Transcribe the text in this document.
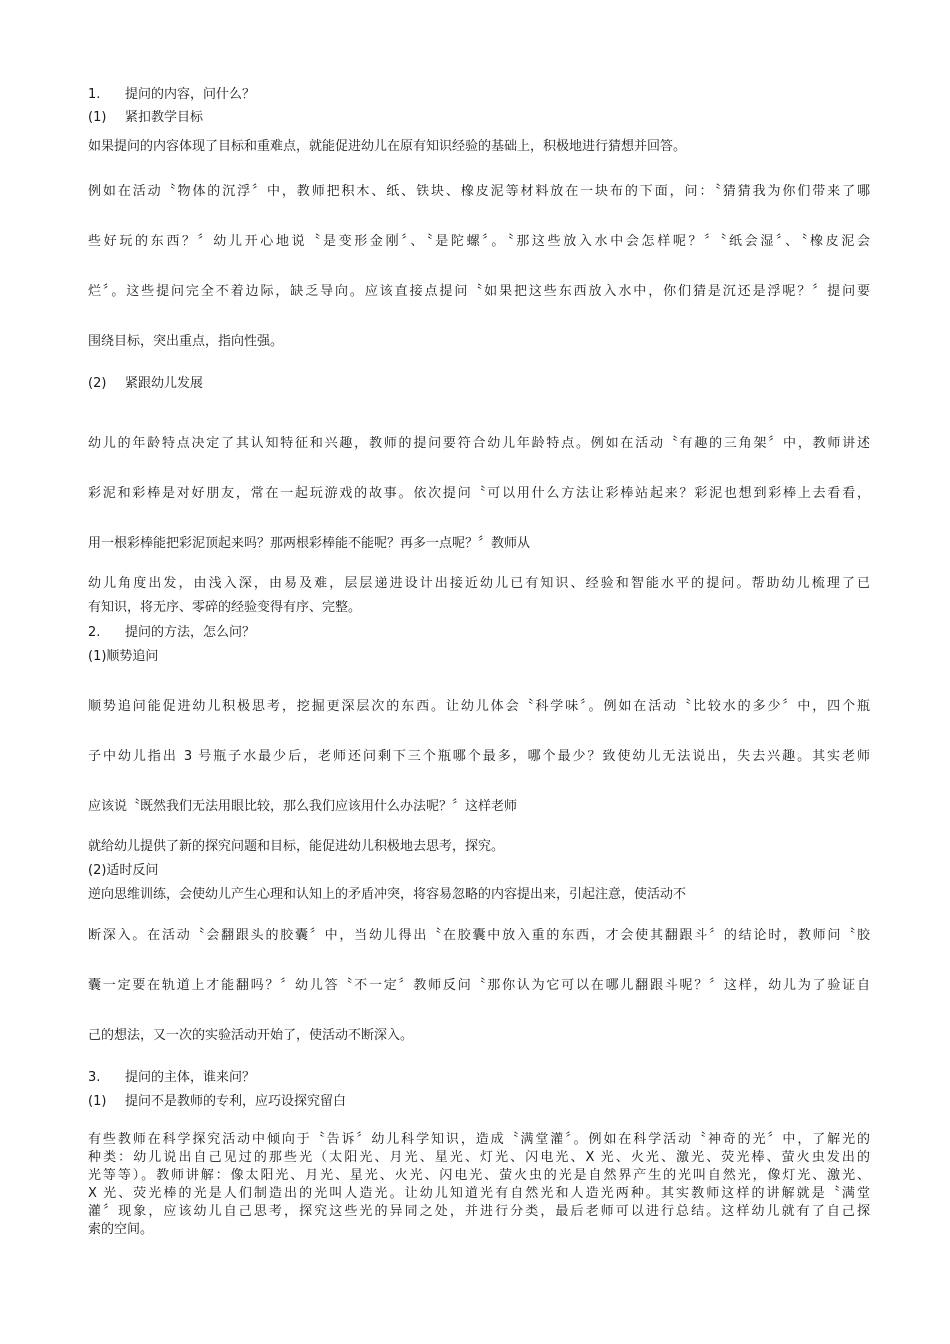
1. 提问的内容，问什么？
(1) 紧扣教学目标
如果提问的内容体现了目标和重难点，就能促进幼儿在原有知识经验的基础上，积极地进行猜想并回答。
例如在活动〝物体的沉浮〞中，教师把积木、纸、铁块、橡皮泥等材料放在一块布的下面，问：〝猜猜我为你们带来了哪
些好玩的东西？〞幼儿开心地说〝是变形金刚〞、〝是陀螺〞。〝那这些放入水中会怎样呢？〞〝纸会湿〞、〝橡皮泥会
烂〞。这些提问完全不着边际，缺乏导向。应该直接点提问〝如果把这些东西放入水中，你们猜是沉还是浮呢？〞提问要
围绕目标，突出重点，指向性强。
(2) 紧跟幼儿发展
幼儿的年龄特点决定了其认知特征和兴趣，教师的提问要符合幼儿年龄特点。例如在活动〝有趣的三角架〞中，教师讲述
彩泥和彩棒是对好朋友，常在一起玩游戏的故事。依次提问〝可以用什么方法让彩棒站起来？彩泥也想到彩棒上去看看，
用一根彩棒能把彩泥顶起来吗？那两根彩棒能不能呢？再多一点呢？〞教师从
幼儿角度出发，由浅入深，由易及难，层层递进设计出接近幼儿已有知识、经验和智能水平的提问。帮助幼儿梳理了已
有知识，将无序、零碎的经验变得有序、完整。
2. 提问的方法，怎么问？
(1)顺势追问
顺势追问能促进幼儿积极思考，挖掘更深层次的东西。让幼儿体会〝科学味〞。例如在活动〝比较水的多少〞中，四个瓶
子中幼儿指出 3 号瓶子水最少后，老师还问剩下三个瓶哪个最多，哪个最少？致使幼儿无法说出，失去兴趣。其实老师
应该说〝既然我们无法用眼比较，那么我们应该用什么办法呢？〞这样老师
就给幼儿提供了新的探究问题和目标，能促进幼儿积极地去思考，探究。
(2)适时反问
逆向思维训练，会使幼儿产生心理和认知上的矛盾冲突，将容易忽略的内容提出来，引起注意，使活动不
断深入。在活动〝会翻跟头的胶囊〞中，当幼儿得出〝在胶囊中放入重的东西，才会使其翻跟斗〞的结论时，教师问〝胶
囊一定要在轨道上才能翻吗？〞幼儿答〝不一定〞教师反问〝那你认为它可以在哪儿翻跟斗呢？〞这样，幼儿为了验证自
己的想法，又一次的实验活动开始了，使活动不断深入。
3. 提问的主体，谁来问？
(1) 提问不是教师的专利，应巧设探究留白
有些教师在科学探究活动中倾向于〝告诉〞幼儿科学知识，造成〝满堂灌〞。例如在科学活动〝神奇的光〞中，了解光的
种类：幼儿说出自己见过的那些光（太阳光、月光、星光、灯光、闪电光、X 光、火光、激光、荧光棒、萤火虫发出的
光等等）。教师讲解：像太阳光、月光、星光、火光、闪电光、萤火虫的光是自然界产生的光叫自然光，像灯光、激光、
X 光、荧光棒的光是人们制造出的光叫人造光。让幼儿知道光有自然光和人造光两种。其实教师这样的讲解就是〝满堂
灌〞现象，应该幼儿自己思考，探究这些光的异同之处，并进行分类，最后老师可以进行总结。这样幼儿就有了自己探
索的空间。
